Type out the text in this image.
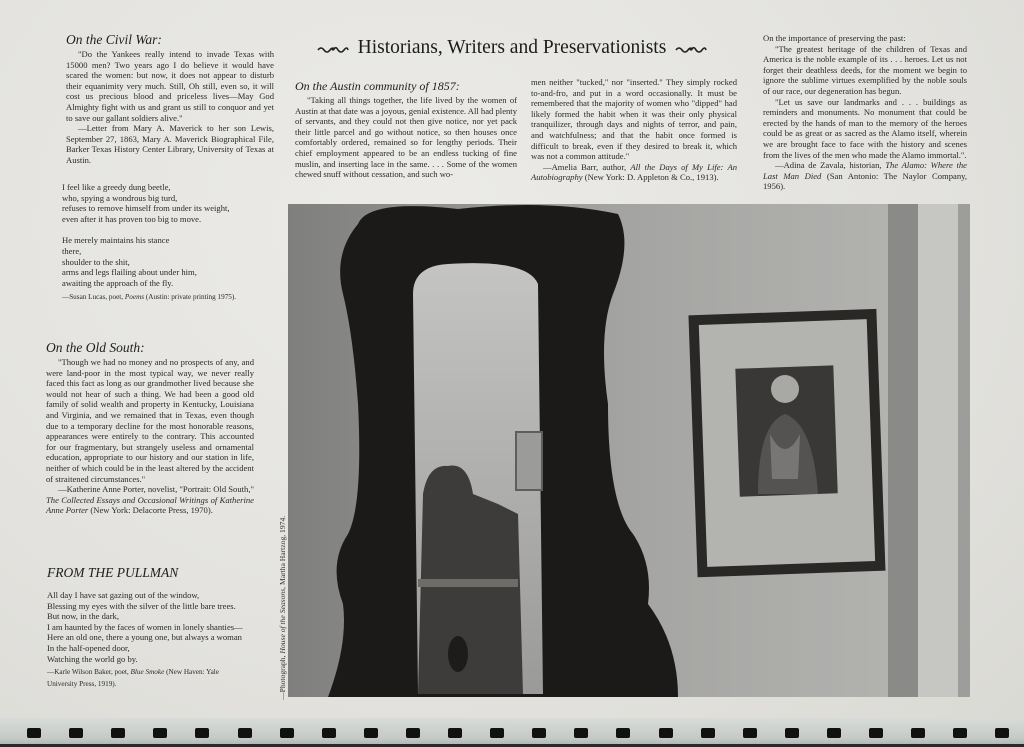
Historians, Writers and Preservationists
On the Civil War:

"Do the Yankees really intend to invade Texas with 15000 men? Two years ago I do believe it would have scared the women: but now, it does not appear to disturb their equanimity very much. Still, Oh still, even so, it will cost us precious blood and priceless lives—May God Almighty fight with us and grant us still to conquor and yet to save our gallant soldiers alive."

—Letter from Mary A. Maverick to her son Lewis, September 27, 1863, Mary A. Maverick Biographical File, Barker Texas History Center Library, University of Texas at Austin.

I feel like a greedy dung beetle,
who, spying a wondrous big turd,
refuses to remove himself from under its weight,
even after it has proven too big to move.
He merely maintains his stance
there,
shoulder to the shit,
arms and legs flailing about under him,
awaiting the approach of the fly.

—Susan Lucas, poet, Poems (Austin: private printing 1975).

On the Old South:

"Though we had no money and no prospects of any, and were land-poor in the most typical way, we never really faced this fact as long as our grandmother lived because she would not hear of such a thing. We had been a good old family of solid wealth and property in Kentucky, Louisiana and Virginia, and we remained that in Texas, even though due to a temporary decline for the most honorable reasons, appearances were entirely to the contrary. This accounted for our fragmentary, but strangely useless and ornamental education, appropriate to our history and our station in life, neither of which could be in the least altered by the accident of straitened circumstances."

—Katherine Anne Porter, novelist, "Portrait: Old South," The Collected Essays and Occasional Writings of Katherine Anne Porter (New York: Delacorte Press, 1970).

FROM THE PULLMAN
All day I have sat gazing out of the window,
Blessing my eyes with the silver of the little bare trees.
But now, in the dark,
I am haunted by the faces of women in lonely shanties—
Here an old one, there a young one, but always a woman
In the half-opened door,
Watching the world go by.

—Karle Wilson Baker, poet, Blue Smoke (New Haven: Yale University Press, 1919).

On the Austin community of 1857:

"Taking all things together, the life lived by the women of Austin at that date was a joyous, genial existence. All had plenty of servants, and they could not then give notice, nor yet pack their little parcel and go without notice, so then houses once comfortably ordered, remained so for lengthy periods. Their chief employment appeared to be an endless tucking of fine muslin, and inserting lace in the same. . . . Some of the women chewed snuff without cessation, and such wo-

men neither "tucked," nor "inserted." They simply rocked to-and-fro, and put in a word occasionally. It must be remembered that the majority of women who "dipped" had likely formed the habit when it was their only physical tranquilizer, through days and nights of terror, and pain, and watchfulness; and that the habit once formed is difficult to break, even if they desired to break it, which was not a common attitude."

—Amelia Barr, author, All the Days of My Life: An Autobiography (New York: D. Appleton & Co., 1913).

On the importance of preserving the past:

"The greatest heritage of the children of Texas and America is the noble example of its . . . heroes. Let us not forget their deathless deeds, for the moment we begin to ignore the sublime virtues exemplified by the noble souls of our race, our degeneration has begun.

"Let us save our landmarks and . . . buildings as reminders and monuments. No monument that could be erected by the hands of man to the memory of the heroes could be as great or as sacred as the Alamo itself, wherein we are brought face to face with the history and scenes from the lives of the men who made the Alamo immortal.".

—Adina de Zavala, historian, The Alamo: Where the Last Man Died (San Antonio: The Naylor Company, 1956).

—Photograph, House of the Seasons, Martha Hartzog, 1974.
